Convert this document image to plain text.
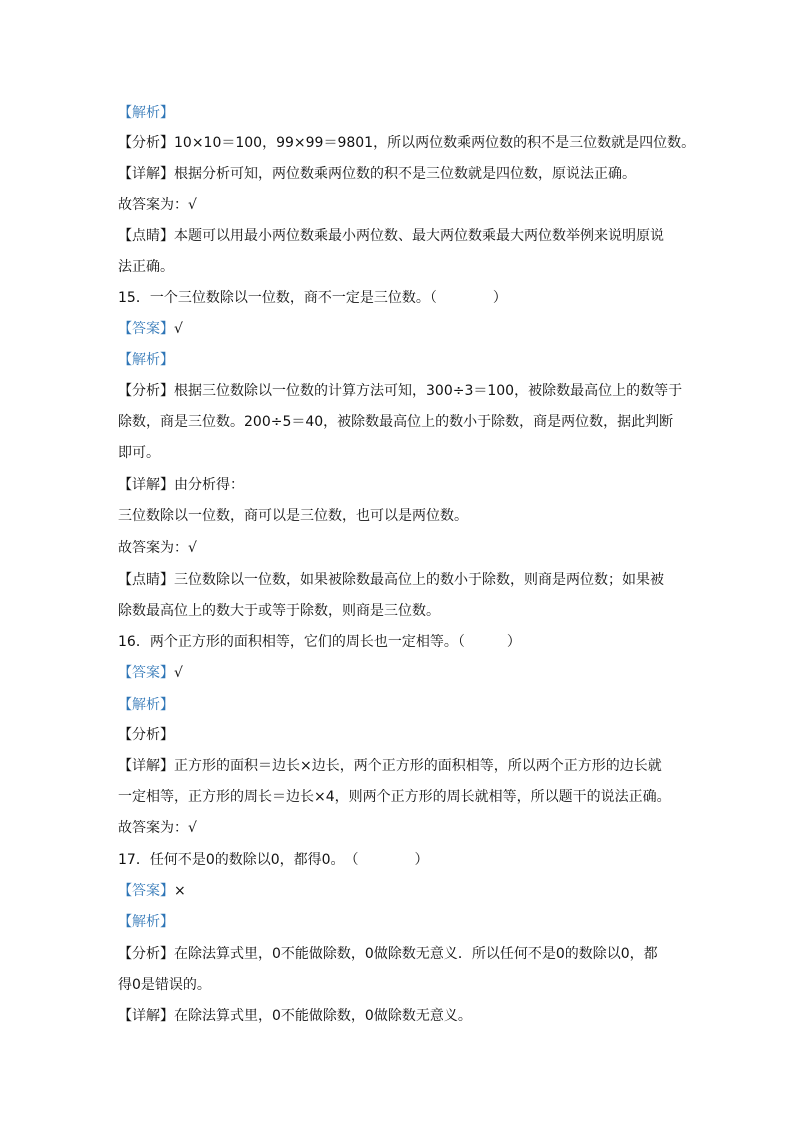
【解析】
【分析】10×10＝100，99×99＝9801，所以两位数乘两位数的积不是三位数就是四位数。
【详解】根据分析可知，两位数乘两位数的积不是三位数就是四位数，原说法正确。
故答案为：√
【点睛】本题可以用最小两位数乘最小两位数、最大两位数乘最大两位数举例来说明原说
法正确。
15．一个三位数除以一位数，商不一定是三位数。（　　　　）
【答案】√
【解析】
【分析】根据三位数除以一位数的计算方法可知，300÷3＝100，被除数最高位上的数等于
除数，商是三位数。200÷5＝40，被除数最高位上的数小于除数，商是两位数，据此判断
即可。
【详解】由分析得：
三位数除以一位数，商可以是三位数，也可以是两位数。
故答案为：√
【点睛】三位数除以一位数，如果被除数最高位上的数小于除数，则商是两位数；如果被
除数最高位上的数大于或等于除数，则商是三位数。
16．两个正方形的面积相等，它们的周长也一定相等。（　　　）
【答案】√
【解析】
【分析】
【详解】正方形的面积＝边长×边长，两个正方形的面积相等，所以两个正方形的边长就
一定相等，正方形的周长＝边长×4，则两个正方形的周长就相等，所以题干的说法正确。
故答案为：√
17．任何不是0的数除以0，都得0。　（　　　　）
【答案】×
【解析】
【分析】在除法算式里，0不能做除数，0做除数无意义．所以任何不是0的数除以0，都
得0是错误的。
【详解】在除法算式里，0不能做除数，0做除数无意义。
